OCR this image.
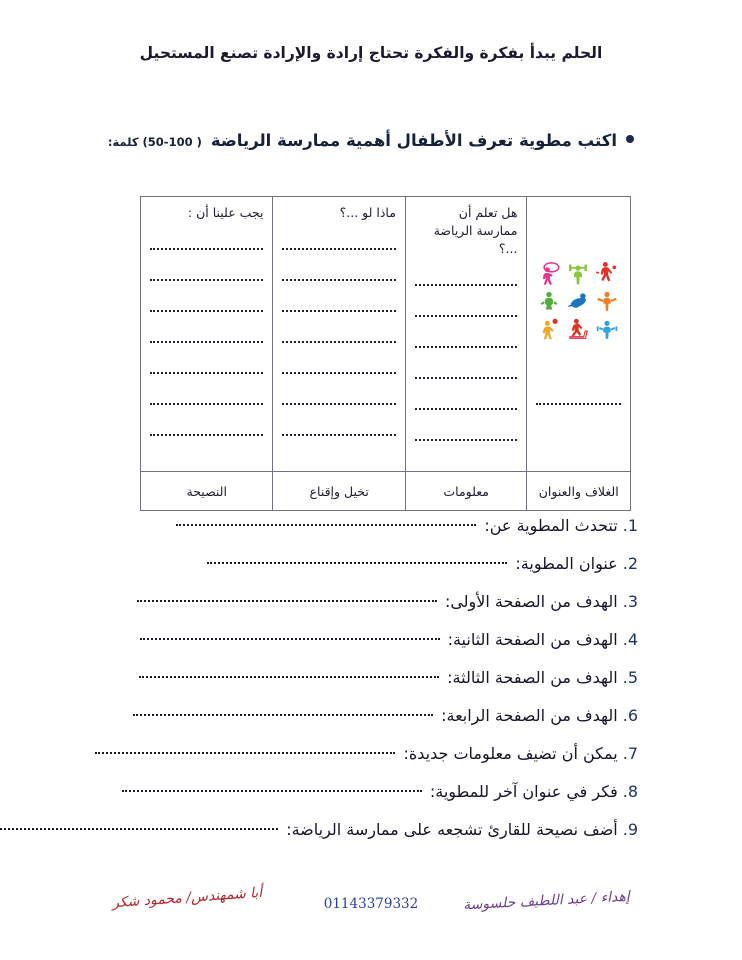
الحلم يبدأ بفكرة والفكرة تحتاج إرادة والإرادة تصنع المستحيل
اكتب مطوية تعرف الأطفال أهمية ممارسة الرياضة
( 50-100) كلمة:
هل تعلم أن ممارسة الرياضة ...؟
ماذا لو ...؟
يجب علينا أن :
الغلاف والعنوان
معلومات
تخيل وإقناع
النصيحة
1.
تتحدث المطوية عن:
2.
عنوان المطوية:
3.
الهدف من الصفحة الأولى:
4.
الهدف من الصفحة الثانية:
5.
الهدف من الصفحة الثالثة:
6.
الهدف من الصفحة الرابعة:
7.
يمكن أن تضيف معلومات جديدة:
8.
فكر في عنوان آخر للمطوية:
9.
أضف نصيحة للقارئ تشجعه على ممارسة الرياضة:
إهداء / عبد اللطيف حلسوسة
01143379332
أبا شمهندس/ محمود شكر
